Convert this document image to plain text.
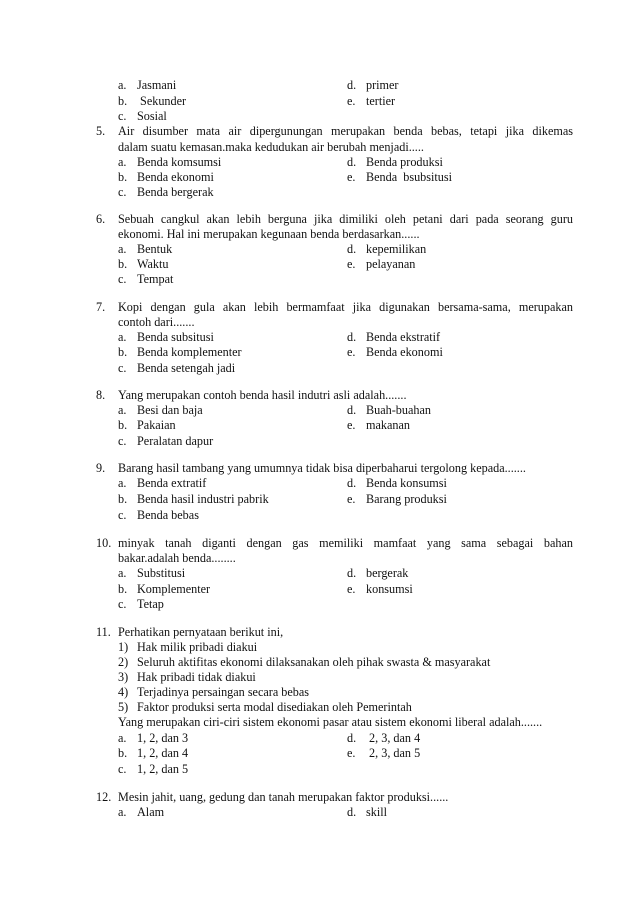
a. Jasmani	d. primer
b. Sekunder	e. tertier
c. Sosial
5. Air disumber mata air dipergunungan merupakan benda bebas, tetapi jika dikemas
dalam suatu kemasan.maka kedudukan air berubah menjadi.....
a. Benda komsumsi	d. Benda produksi
b. Benda ekonomi	e. Benda  bsubsitusi
c. Benda bergerak
6. Sebuah cangkul akan lebih berguna jika dimiliki oleh petani dari pada seorang guru
ekonomi. Hal ini merupakan kegunaan benda berdasarkan......
a. Bentuk	d. kepemilikan
b. Waktu	e. pelayanan
c. Tempat
7. Kopi dengan gula akan lebih bermamfaat jika digunakan bersama-sama, merupakan
contoh dari.......
a. Benda subsitusi	d. Benda ekstratif
b. Benda komplementer	e. Benda ekonomi
c. Benda setengah jadi
8. Yang merupakan contoh benda hasil indutri asli adalah.......
a. Besi dan baja	d. Buah-buahan
b. Pakaian	e. makanan
c. Peralatan dapur
9. Barang hasil tambang yang umumnya tidak bisa diperbaharui tergolong kepada.......
a. Benda extratif	d. Benda konsumsi
b. Benda hasil industri pabrik	e. Barang produksi
c. Benda bebas
10. minyak tanah diganti dengan gas memiliki mamfaat yang sama sebagai bahan
bakar.adalah benda........
a. Substitusi	d. bergerak
b. Komplementer	e. konsumsi
c. Tetap
11. Perhatikan pernyataan berikut ini,
1) Hak milik pribadi diakui
2) Seluruh aktifitas ekonomi dilaksanakan oleh pihak swasta & masyarakat
3) Hak pribadi tidak diakui
4) Terjadinya persaingan secara bebas
5) Faktor produksi serta modal disediakan oleh Pemerintah
Yang merupakan ciri-ciri sistem ekonomi pasar atau sistem ekonomi liberal adalah.......
a. 1, 2, dan 3	d. 2, 3, dan 4
b. 1, 2, dan 4	e. 2, 3, dan 5
c. 1, 2, dan 5
12. Mesin jahit, uang, gedung dan tanah merupakan faktor produksi......
a. Alam	d. skill
